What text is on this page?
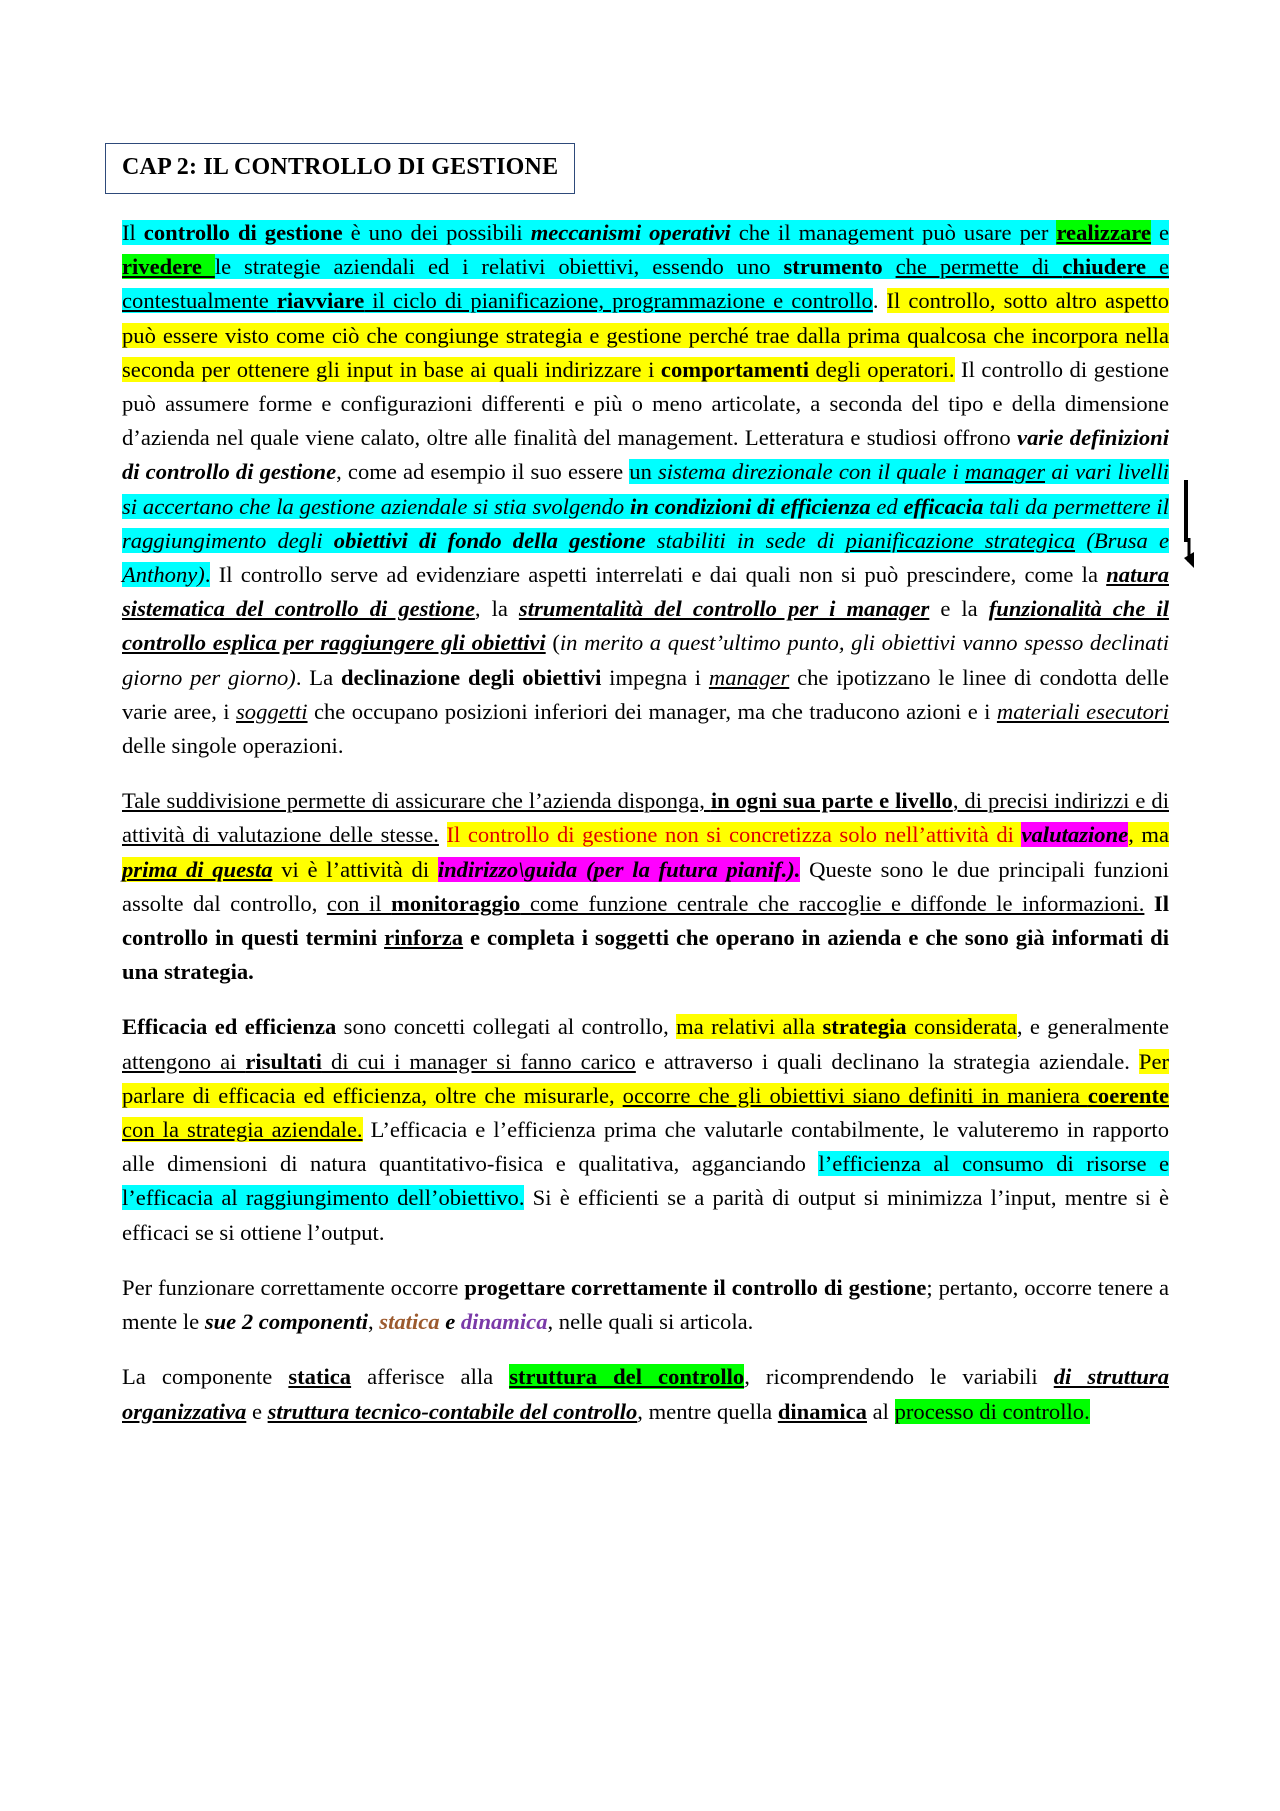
CAP 2: IL CONTROLLO DI GESTIONE

Il controllo di gestione è uno dei possibili meccanismi operativi che il management può usare per realizzare e rivedere le strategie aziendali ed i relativi obiettivi, essendo uno strumento che permette di chiudere e contestualmente riavviare il ciclo di pianificazione, programmazione e controllo. Il controllo, sotto altro aspetto può essere visto come ciò che congiunge strategia e gestione perché trae dalla prima qualcosa che incorpora nella seconda per ottenere gli input in base ai quali indirizzare i comportamenti degli operatori. Il controllo di gestione può assumere forme e configurazioni differenti e più o meno articolate, a seconda del tipo e della dimensione d’azienda nel quale viene calato, oltre alle finalità del management. Letteratura e studiosi offrono varie definizioni di controllo di gestione, come ad esempio il suo essere un sistema direzionale con il quale i manager ai vari livelli si accertano che la gestione aziendale si stia svolgendo in condizioni di efficienza ed efficacia tali da permettere il raggiungimento degli obiettivi di fondo della gestione stabiliti in sede di pianificazione strategica (Brusa e Anthony). Il controllo serve ad evidenziare aspetti interrelati e dai quali non si può prescindere, come la natura sistematica del controllo di gestione, la strumentalità del controllo per i manager e la funzionalità che il controllo esplica per raggiungere gli obiettivi (in merito a quest’ultimo punto, gli obiettivi vanno spesso declinati giorno per giorno). La declinazione degli obiettivi impegna i manager che ipotizzano le linee di condotta delle varie aree, i soggetti che occupano posizioni inferiori dei manager, ma che traducono azioni e i materiali esecutori delle singole operazioni.

Tale suddivisione permette di assicurare che l’azienda disponga, in ogni sua parte e livello, di precisi indirizzi e di attività di valutazione delle stesse. Il controllo di gestione non si concretizza solo nell’attività di valutazione, ma prima di questa vi è l’attività di indirizzo\guida (per la futura pianif.). Queste sono le due principali funzioni assolte dal controllo, con il monitoraggio come funzione centrale che raccoglie e diffonde le informazioni. Il controllo in questi termini rinforza e completa i soggetti che operano in azienda e che sono già informati di una strategia.

Efficacia ed efficienza sono concetti collegati al controllo, ma relativi alla strategia considerata, e generalmente attengono ai risultati di cui i manager si fanno carico e attraverso i quali declinano la strategia aziendale. Per parlare di efficacia ed efficienza, oltre che misurarle, occorre che gli obiettivi siano definiti in maniera coerente con la strategia aziendale. L’efficacia e l’efficienza prima che valutarle contabilmente, le valuteremo in rapporto alle dimensioni di natura quantitativo-fisica e qualitativa, agganciando l’efficienza al consumo di risorse e l’efficacia al raggiungimento dell’obiettivo. Si è efficienti se a parità di output si minimizza l’input, mentre si è efficaci se si ottiene l’output.

Per funzionare correttamente occorre progettare correttamente il controllo di gestione; pertanto, occorre tenere a mente le sue 2 componenti, statica e dinamica, nelle quali si articola.

La componente statica afferisce alla struttura del controllo, ricomprendendo le variabili di struttura organizzativa e struttura tecnico-contabile del controllo, mentre quella dinamica al processo di controllo.
